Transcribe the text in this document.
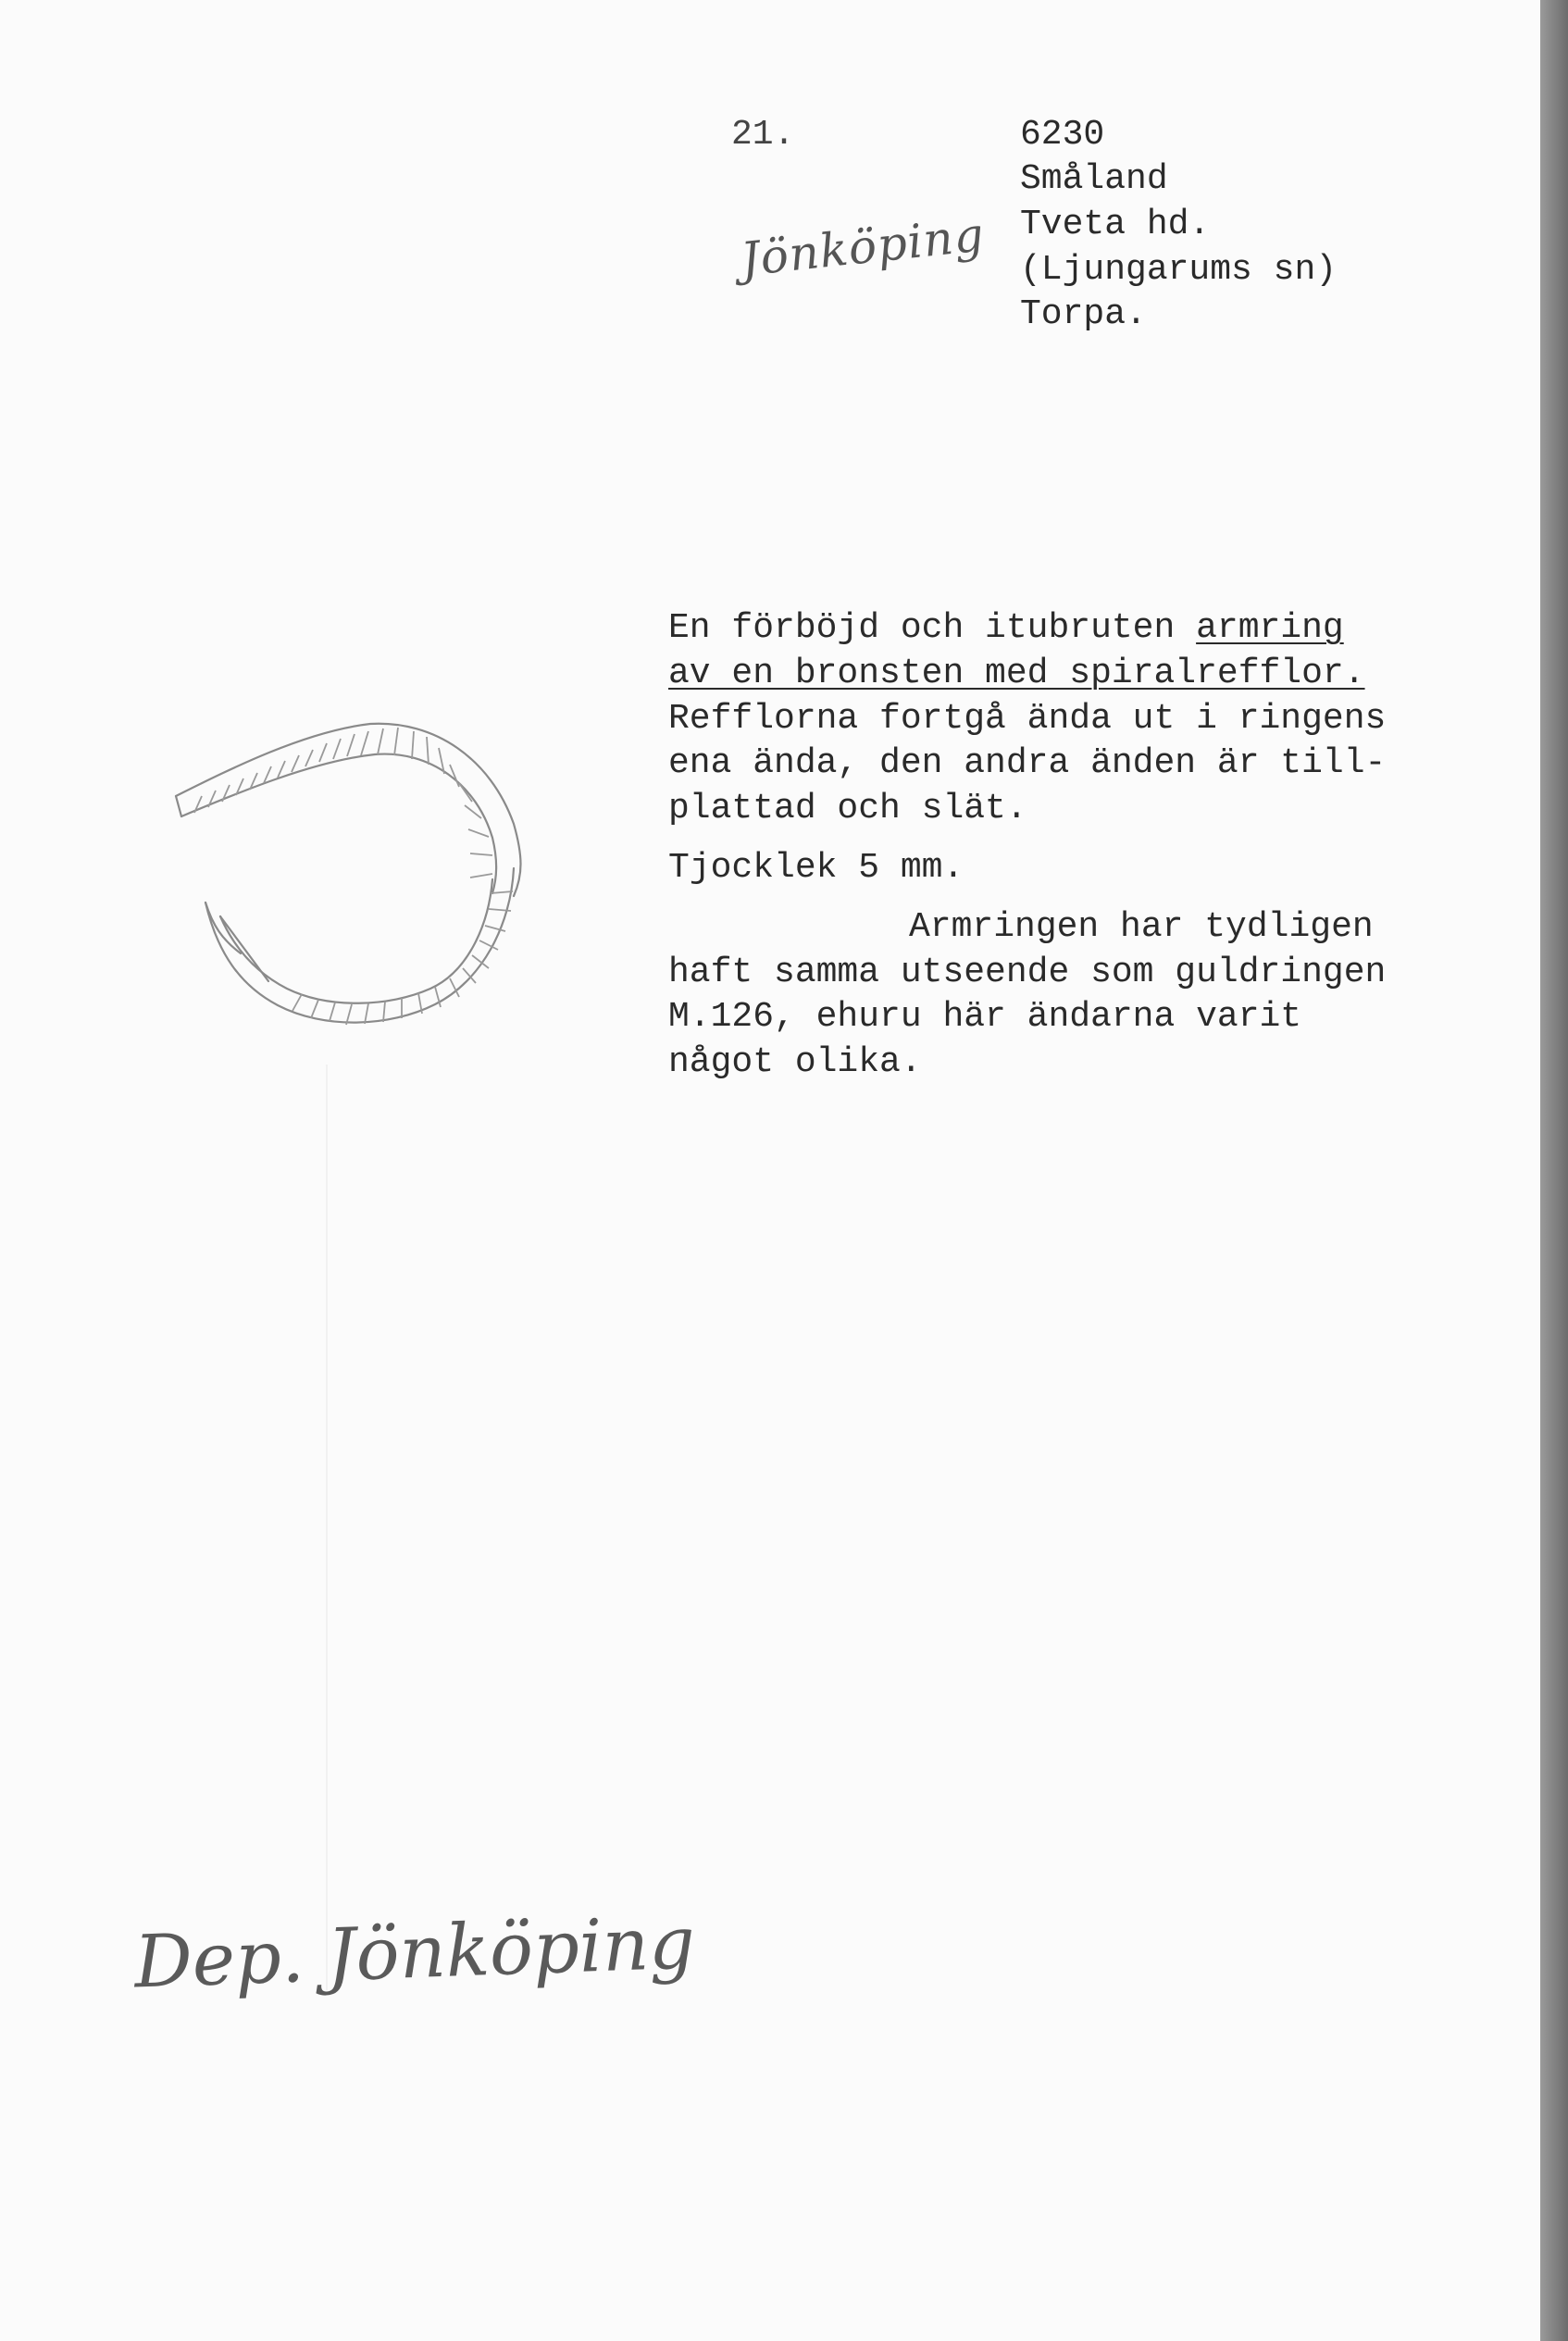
21.	6230
Småland
Tveta hd.
(Ljungarums sn)
Torpa.
Jönköping
En förböjd och itubruten armring
av en bronsten med spiralrefflor.
Refflorna fortgå ända ut i ringens
ena ända, den andra änden är till-
plattad och slät.
Tjocklek 5 mm.
Armringen har tydligen
haft samma utseende som guldringen
M.126, ehuru här ändarna varit
något olika.
Dep. Jönköping
